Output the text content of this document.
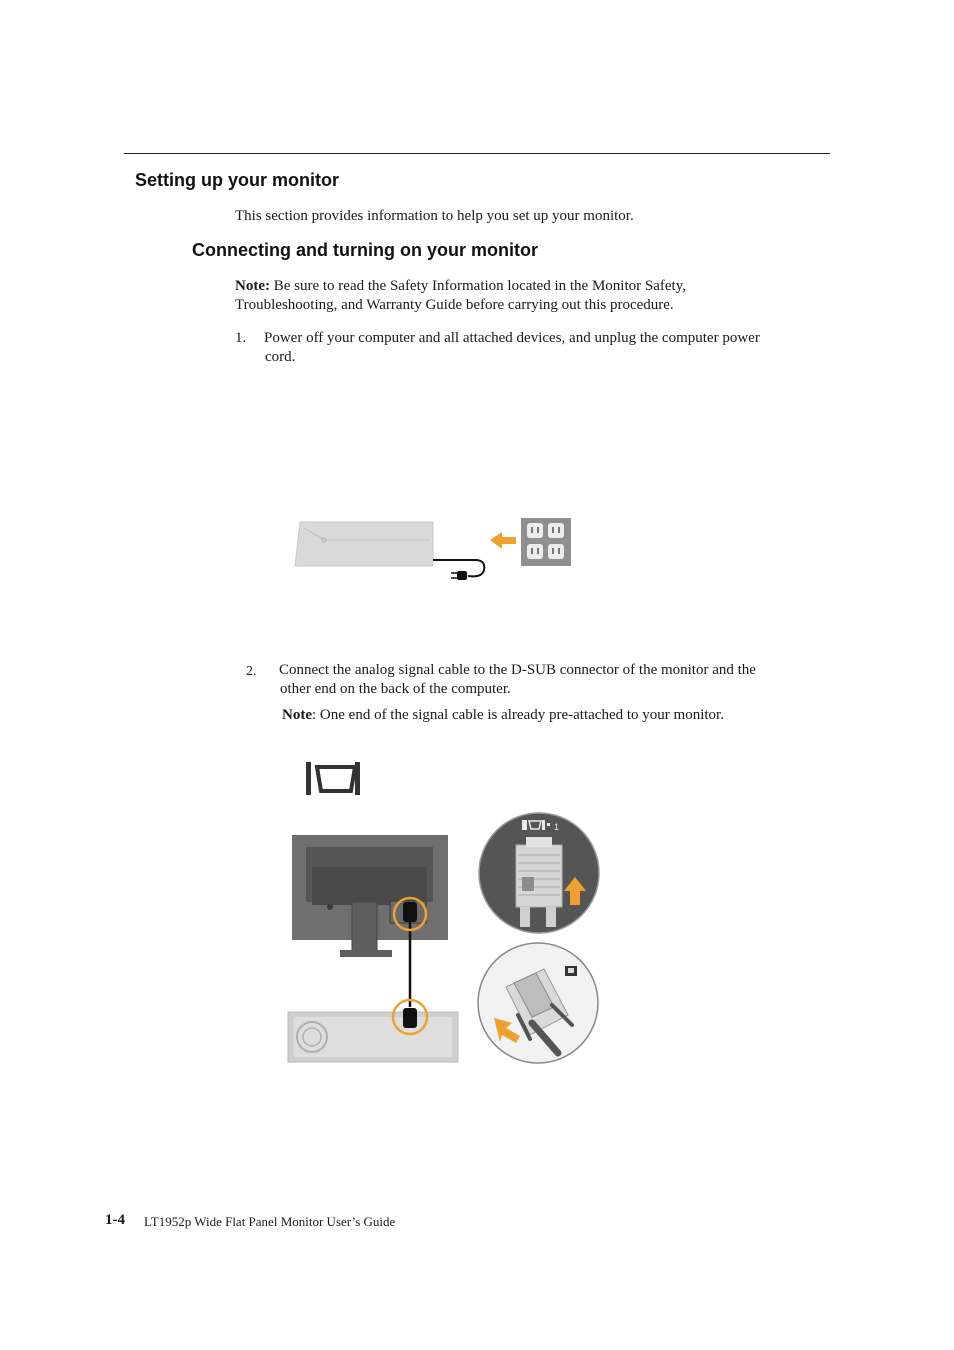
Setting up your monitor
This section provides information to help you set up your monitor.
Connecting and turning on your monitor
Note: Be sure to read the Safety Information located in the Monitor Safety,
Troubleshooting, and Warranty Guide before carrying out this procedure.
1. Power off your computer and all attached devices, and unplug the computer power
cord.
2. Connect the analog signal cable to the D-SUB connector of the monitor and the
other end on the back of the computer.
Note: One end of the signal cable is already pre-attached to your monitor.
1
1-4 LT1952p Wide Flat Panel Monitor User’s Guide
